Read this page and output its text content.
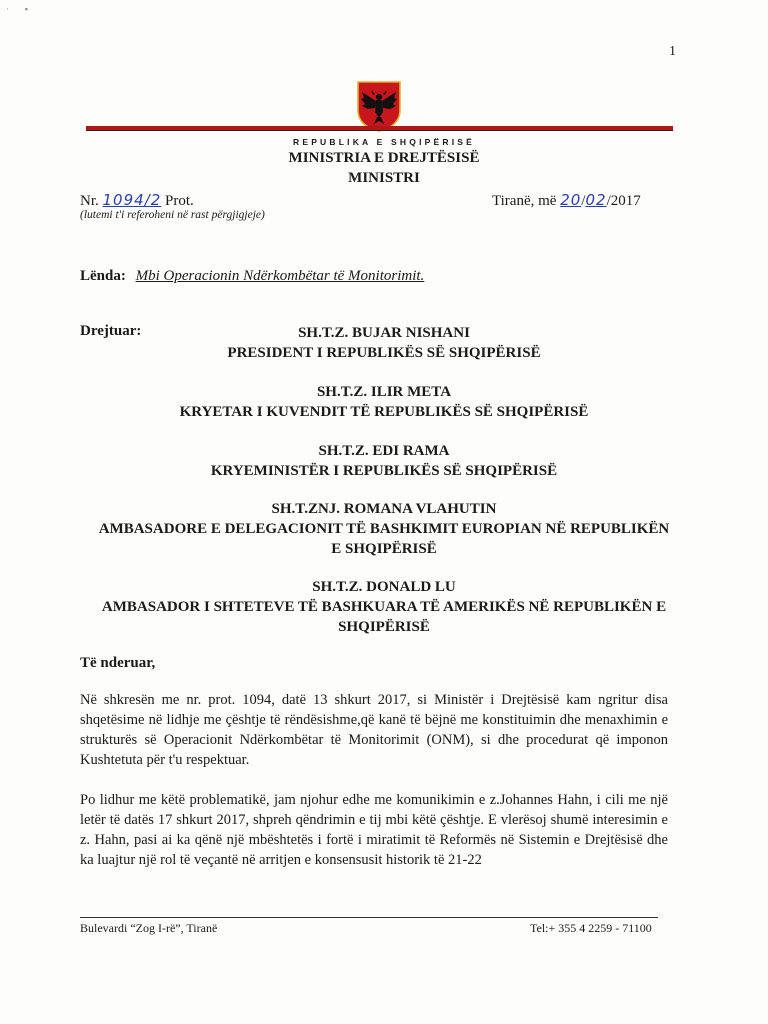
·       ▪
1
REPUBLIKA E SHQIPËRISË
MINISTRIA E DREJTËSISË
MINISTRI
Nr. 1094/2 Prot.
(lutemi t'i referoheni në rast përgjigjeje)
Tiranë, më 20/02/2017
Lënda: Mbi Operacionin Ndërkombëtar të Monitorimit.
Drejtuar:	SH.T.Z. BUJAR NISHANI
PRESIDENT I REPUBLIKËS SË SHQIPËRISË
SH.T.Z. ILIR META
KRYETAR I KUVENDIT TË REPUBLIKËS SË SHQIPËRISË
SH.T.Z. EDI RAMA
KRYEMINISTËR I REPUBLIKËS SË SHQIPËRISË
SH.T.ZNJ. ROMANA VLAHUTIN
AMBASADORE E DELEGACIONIT TË BASHKIMIT EUROPIAN NË REPUBLIKËN
E SHQIPËRISË
SH.T.Z. DONALD LU
AMBASADOR I SHTETEVE TË BASHKUARA TË AMERIKËS NË REPUBLIKËN E
SHQIPËRISË
Të nderuar,
Në shkresën me nr. prot. 1094, datë 13 shkurt 2017, si Ministër i Drejtësisë kam ngritur disa shqetësime në lidhje me çështje të rëndësishme,që kanë të bëjnë me konstituimin dhe menaxhimin e strukturës së Operacionit Ndërkombëtar të Monitorimit (ONM), si dhe procedurat që imponon Kushtetuta për t'u respektuar.
Po lidhur me këtë problematikë, jam njohur edhe me komunikimin e z.Johannes Hahn, i cili me një letër të datës 17 shkurt 2017, shpreh qëndrimin e tij mbi këtë çështje. E vlerësoj shumë interesimin e z. Hahn, pasi ai ka qënë një mbështetës i fortë i miratimit të Reformës në Sistemin e Drejtësisë dhe ka luajtur një rol të veçantë në arritjen e konsensusit historik të 21-22
Bulevardi “Zog I-rë”, Tiranë	Tel:+ 355 4 2259 - 71100
